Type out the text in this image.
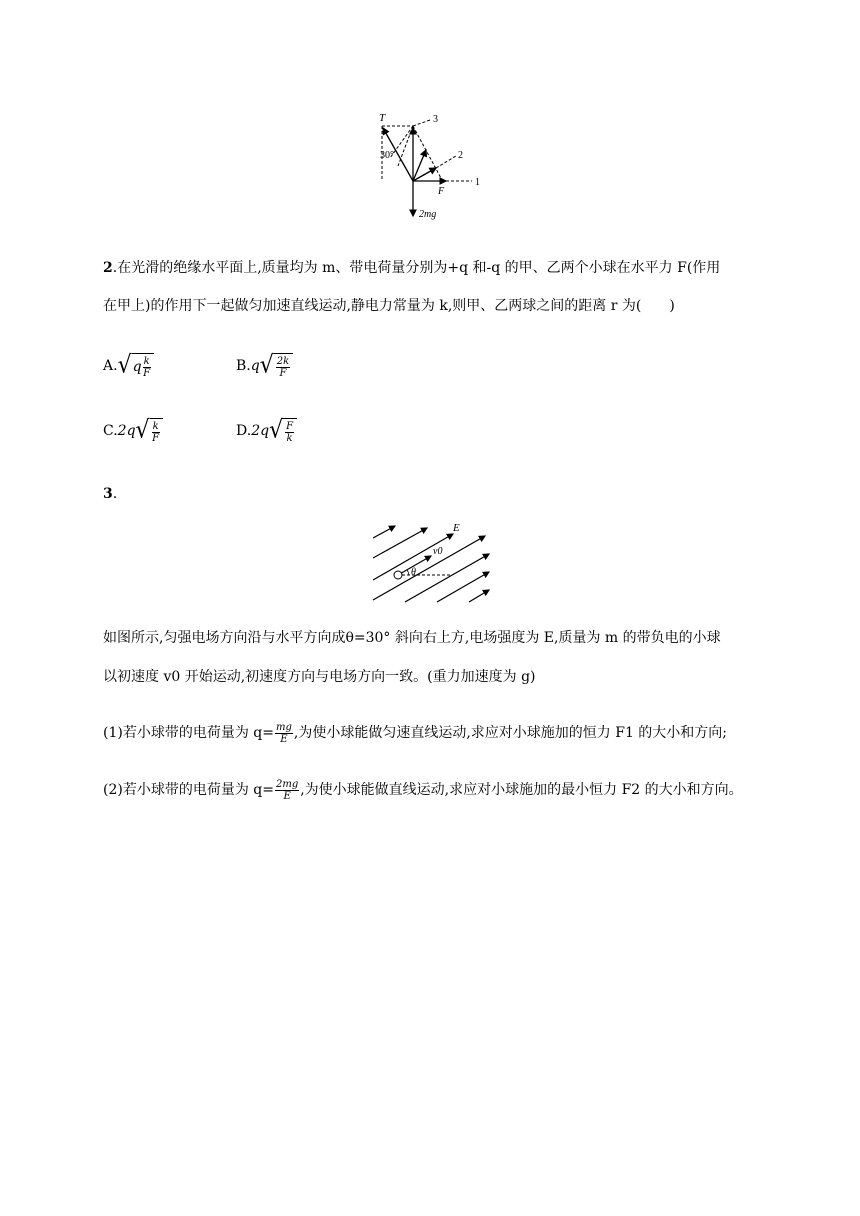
T
30°
3
2
1
F
2mg
2.在光滑的绝缘水平面上,质量均为 m、带电荷量分别为+q 和-q 的甲、乙两个小球在水平力 F(作用
在甲上)的作用下一起做匀加速直线运动,静电力常量为 k,则甲、乙两球之间的距离 r 为(　　)
A. √ q $\frac{k}{F}$	B.q √ $\frac{2k}{F}$
C.2q √ $\frac{k}{F}$	D.2q √ $\frac{F}{k}$
3.
E
v0
θ
如图所示,匀强电场方向沿与水平方向成θ=30° 斜向右上方,电场强度为 E,质量为 m 的带负电的小球
以初速度 v0 开始运动,初速度方向与电场方向一致。(重力加速度为 g)
(1)若小球带的电荷量为 $q= \frac{mg}{E}$ ,为使小球能做匀速直线运动,求应对小球施加的恒力 F1 的大小和方向;
(2)若小球带的电荷量为 $q= \frac{2mg}{E}$ ,为使小球能做直线运动,求应对小球施加的最小恒力 F2 的大小和方向。
